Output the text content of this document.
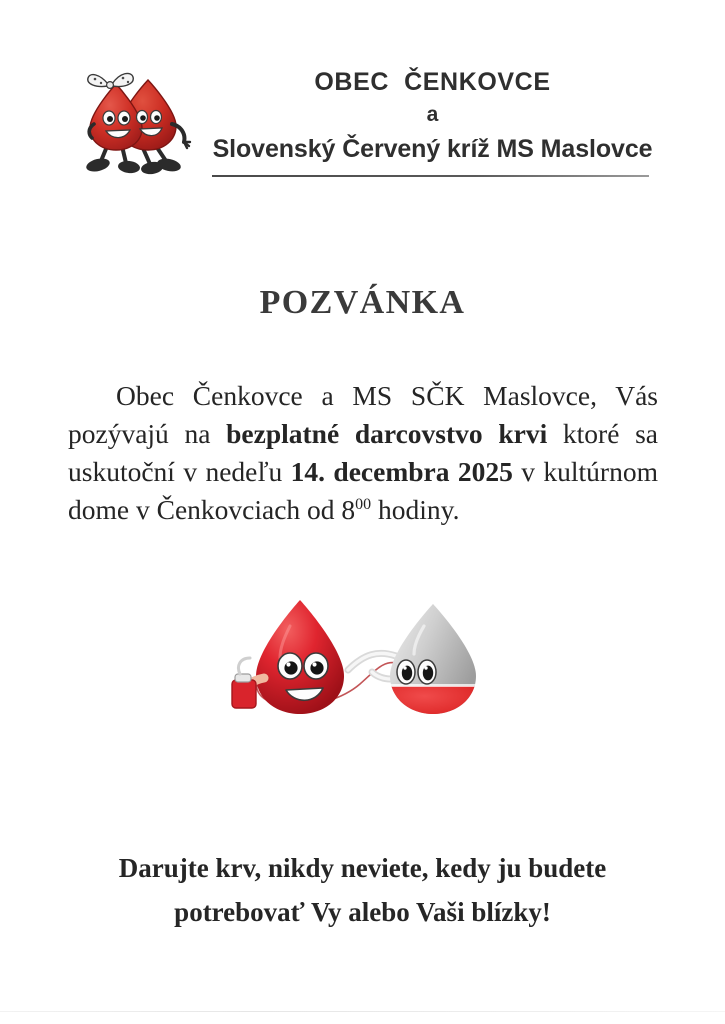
OBEC  ČENKOVCE
a
Slovenský Červený kríž MS Maslovce
POZVÁNKA
Obec Čenkovce a MS SČK Maslovce, Vás pozývajú na bezplatné darcovstvo krvi ktoré sa uskutoční v nedeľu 14. decembra 2025 v kultúrnom dome v Čenkovciach od $8^{00}$ hodiny.
Darujte krv, nikdy neviete, kedy ju budete
potrebovať Vy alebo Vaši blízky!
